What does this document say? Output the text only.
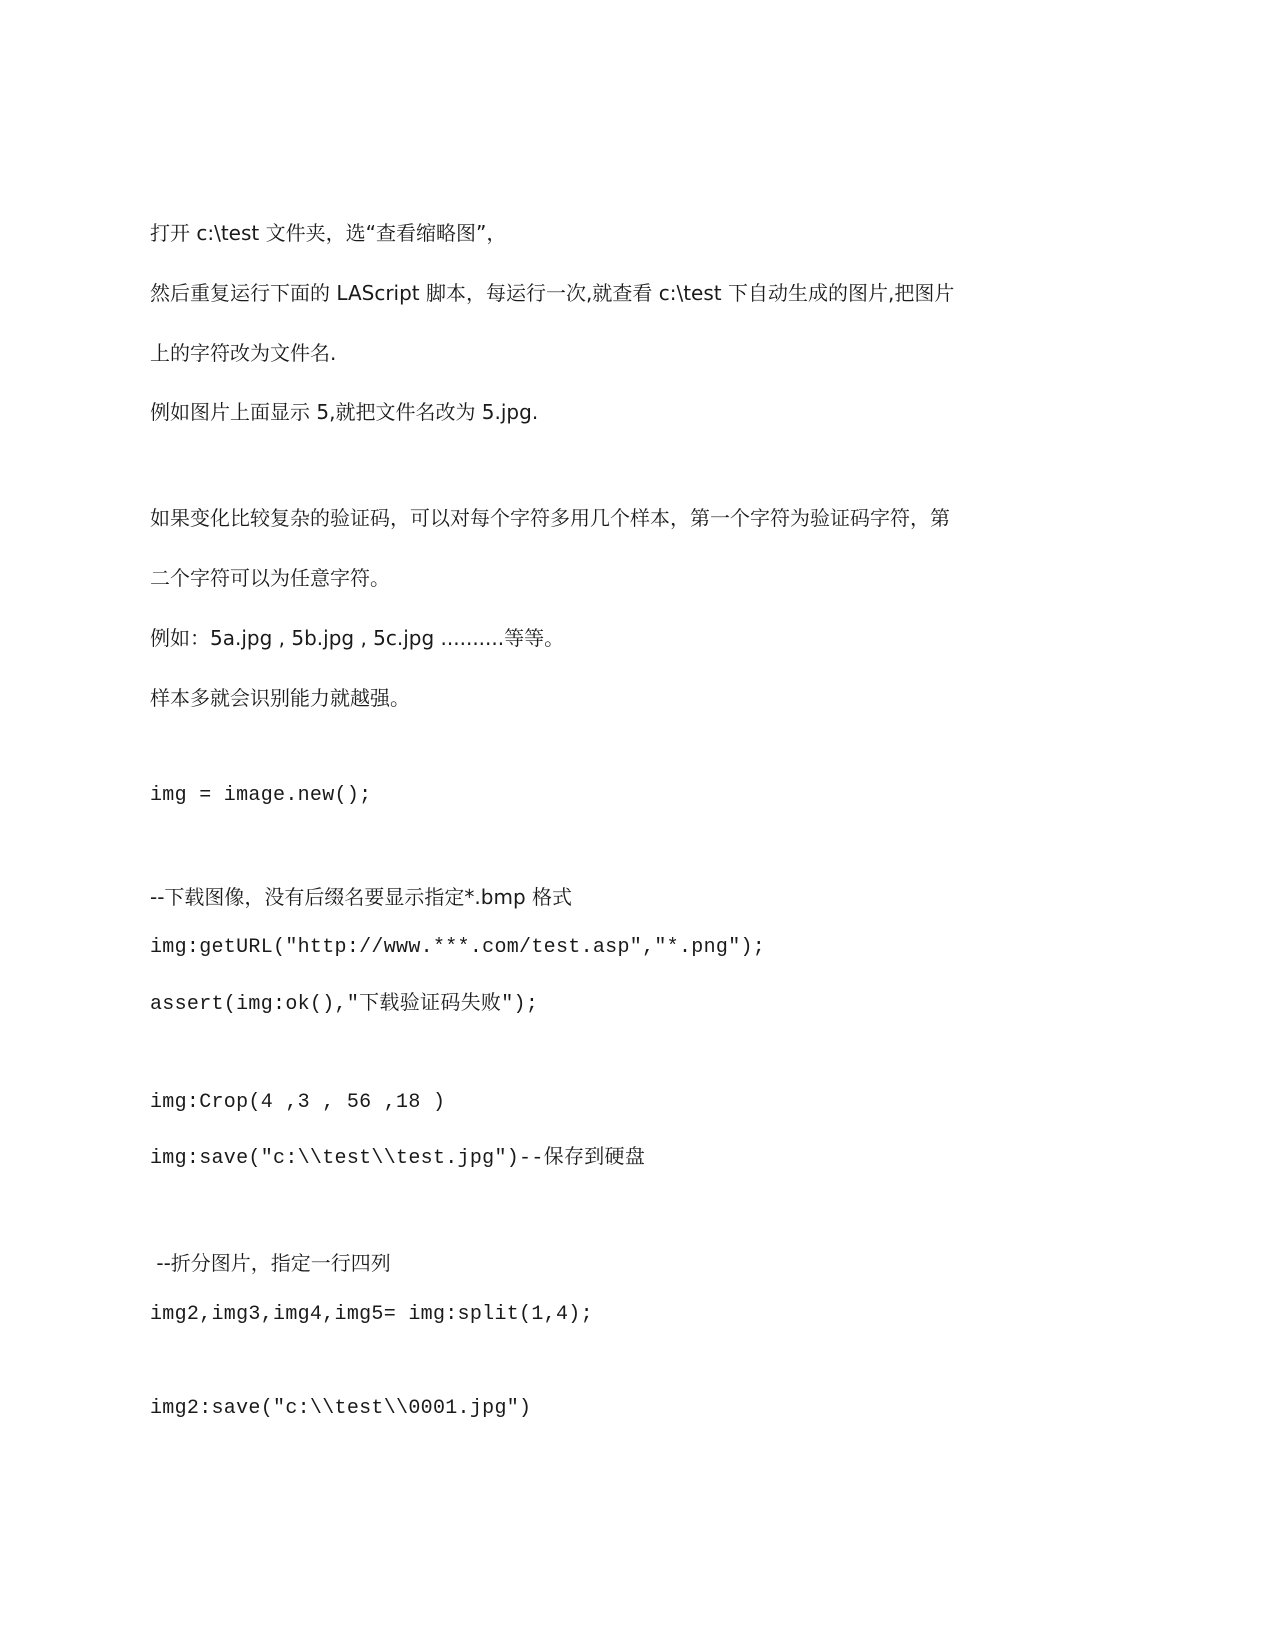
打开 c:\test 文件夹，选“查看缩略图”，
然后重复运行下面的 LAScript 脚本，每运行一次,就查看 c:\test 下自动生成的图片,把图片
上的字符改为文件名.
例如图片上面显示 5,就把文件名改为 5.jpg.
如果变化比较复杂的验证码，可以对每个字符多用几个样本，第一个字符为验证码字符，第
二个字符可以为任意字符。
例如：5a.jpg , 5b.jpg , 5c.jpg ..........等等。
样本多就会识别能力就越强。
img = image.new();
--下载图像，没有后缀名要显示指定*.bmp 格式
img:getURL("http://www.***.com/test.asp","*.png");
assert(img:ok(),"下载验证码失败");
img:Crop(4 ,3 , 56 ,18 )
img:save("c:\\test\\test.jpg")--保存到硬盘
--折分图片，指定一行四列
img2,img3,img4,img5= img:split(1,4);
img2:save("c:\\test\\0001.jpg")
